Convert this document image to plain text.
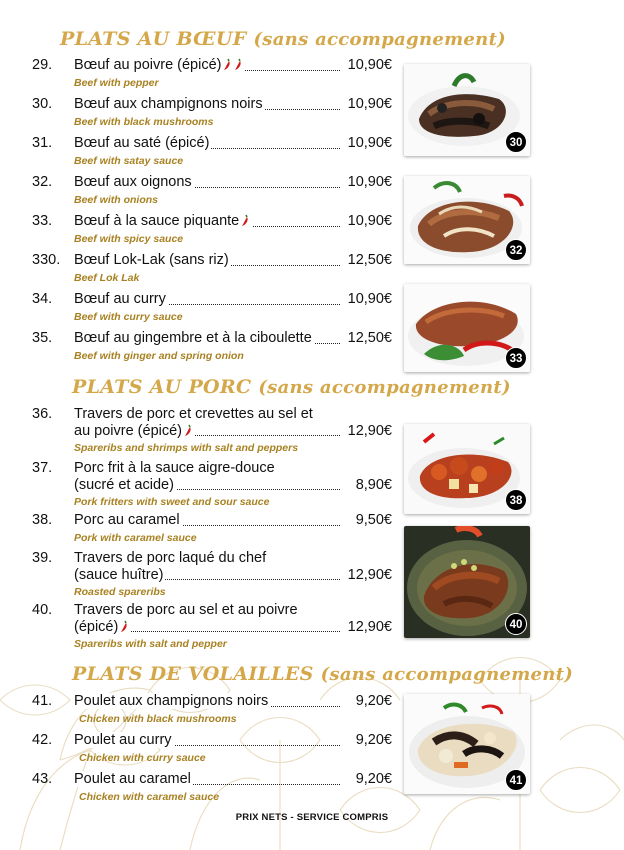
PLATS AU BŒUF (sans accompagnement)
PLATS AU PORC (sans accompagnement)
PLATS DE VOLAILLES (sans accompagnement)
30
32
33
38
40
41
PRIX NETS - SERVICE COMPRIS
29. Bœuf au poivre (épicé)	10,90€
Beef with pepper
30. Bœuf aux champignons noirs	10,90€
Beef with black mushrooms
31. Bœuf au saté (épicé)	10,90€
Beef with satay sauce
32. Bœuf aux oignons	10,90€
Beef with onions
33. Bœuf à la sauce piquante	10,90€
Beef with spicy sauce
330. Bœuf Lok-Lak (sans riz)	12,50€
Beef Lok Lak
34. Bœuf au curry	10,90€
Beef with curry sauce
35. Bœuf au gingembre et à la ciboulette	12,50€
Beef with ginger and spring onion
36. Travers de porc et crevettes au sel et
au poivre (épicé)	12,90€
Spareribs and shrimps with salt and peppers
37. Porc frit à la sauce aigre-douce
(sucré et acide)	8,90€
Pork fritters with sweet and sour sauce
38. Porc au caramel	9,50€
Pork with caramel sauce
39. Travers de porc laqué du chef
(sauce huître)	12,90€
Roasted spareribs
40. Travers de porc au sel et au poivre
(épicé)	12,90€
Spareribs with salt and pepper
41. Poulet aux champignons noirs	9,20€
Chicken with black mushrooms
42. Poulet au curry	9,20€
Chicken with curry sauce
43. Poulet au caramel	9,20€
Chicken with caramel sauce
